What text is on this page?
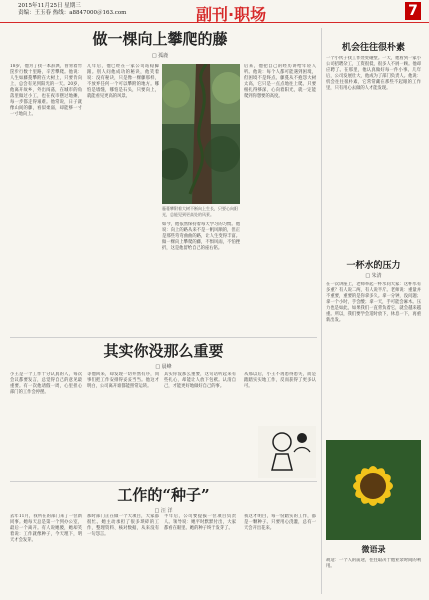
2015年11月25日 星期三
责编：王玉春 热线：a8847000＠163.com	副刊·职场	7
做一棵向上攀爬的藤
□ 孤鹿
18岁，他为了找一本辞典，曾背着竹筐步行数十里路，辛苦攀爬。他说：人生如藤蔓攀附在大树上，只要肯向上，总会有见到阳光的一天。20岁，他离开故乡，外出闯荡，在城市的角落里做过小工，也在夜市摆过地摊，每一步都走得艰难。他常说，日子就像山间的藤，看似柔弱，却能够一寸一寸地向上。
几年后，他已经在一家公司站稳脚跟。别人问他成功的秘诀，他笑着说：没有秘诀，只是像一棵藤那样，不放弃任何一个可以攀附的地方。哪怕是墙缝，哪怕是石头，只要向上，就能看见更高的风景。
藤蔓攀附着大树不断向上生长，只要心向阳光，总能见到更高处的风景。
后来，他把自己的经历讲给年轻人听。他说：每个人都可能遇到困境，但困境不是终点。藤蔓从不抱怨大树太高，它只是一点点地往上爬。只要根扎得够深，心向着阳光，就一定能爬到你想要的高度。
如今，他依然保持着每天学习的习惯。他说：向上的路从来不是一帆风顺的，但正是那些弯弯曲曲的路，让人生变得丰富。做一棵向上攀爬的藤，不惧风雨，不怕挫折，这是他留给自己的座右铭。
其实你没那么重要
□ 晨峰
小王是一个工作十分认真的人，每次会议都要发言，总觉得自己的意见最重要。有一次他请假一周，心里担心部门的工作会停摆。
等他回来，却发现一切井然有序，同事们把工作安排得妥妥当当。他这才明白，公司离开谁都能照常运转。
其实你没那么重要，这句话听起来有些扎心，却能让人放下包袱。认清自己，才能更好地做好自己的事。
从那以后，小王不再患得患失，而是踏踏实实地工作，反而获得了更多认可。
工作的“种子”
□ 汪 洋
去年11月，我所在的部门来了一位新同事。她每天总是第一个到办公室，最后一个离开。有人说她傻，她却笑着说：工作就像种子，今天埋下，明天才会发芽。
那时部门正在做一个大项目，大家都很忙。她主动承担了很多琐碎的工作，整理资料、核对数据，从来没有一句怨言。
半年后，公司要提拔一位项目负责人。领导说：她平时默默付出，大家都看在眼里。她的种子终于发芽了。
我这才明白，每一份踏实的工作，都是一颗种子。只要用心浇灌，总有一天会开出花来。
机会往往很朴素
一个小伙子找工作处处碰壁。一天，他看到一家小公司招聘杂工，工资很低，很多人不屑一顾。他却应聘了。在那里，他认真做好每一件小事。几年后，公司发展壮大，他成为了部门负责人。他说：机会往往很朴素，它常常藏在那些不起眼的工作里，只有用心去做的人才能发现。
一杯水的压力
□ 朱清
在一次讲座上，老师举起一杯水问大家：这杯水有多重？有人说二两，有人说半斤。老师说：重量并不重要，重要的是你拿多久。拿一分钟，没问题；拿一个小时，手会酸；拿一天，手可能会麻木。压力也是如此，如果我们一直背负着它，就会越来越重。所以，我们要学会适时放下，休息一下，再重新出发。
微语录
胡适：一个人的前途，往往取决于他业余时间的利用。
